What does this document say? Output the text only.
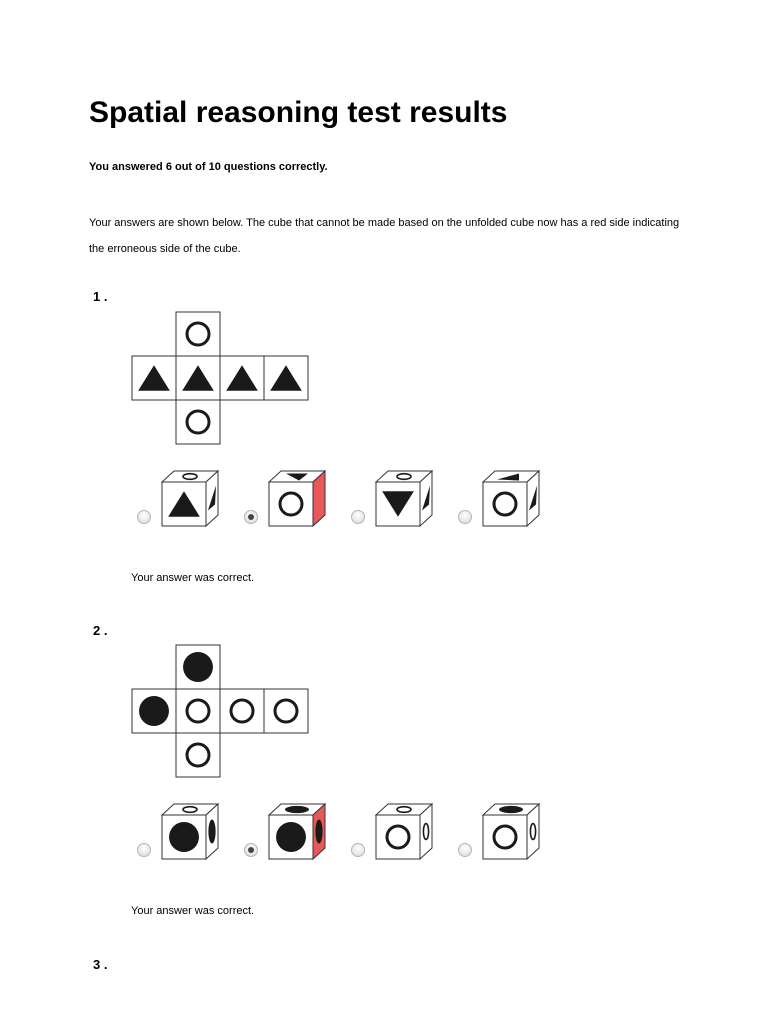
Spatial reasoning test results
You answered 6 out of 10 questions correctly.
Your answers are shown below. The cube that cannot be made based on the unfolded cube now has a red side indicating the erroneous side of the cube.
1 .
Your answer was correct.
2 .
Your answer was correct.
3 .
